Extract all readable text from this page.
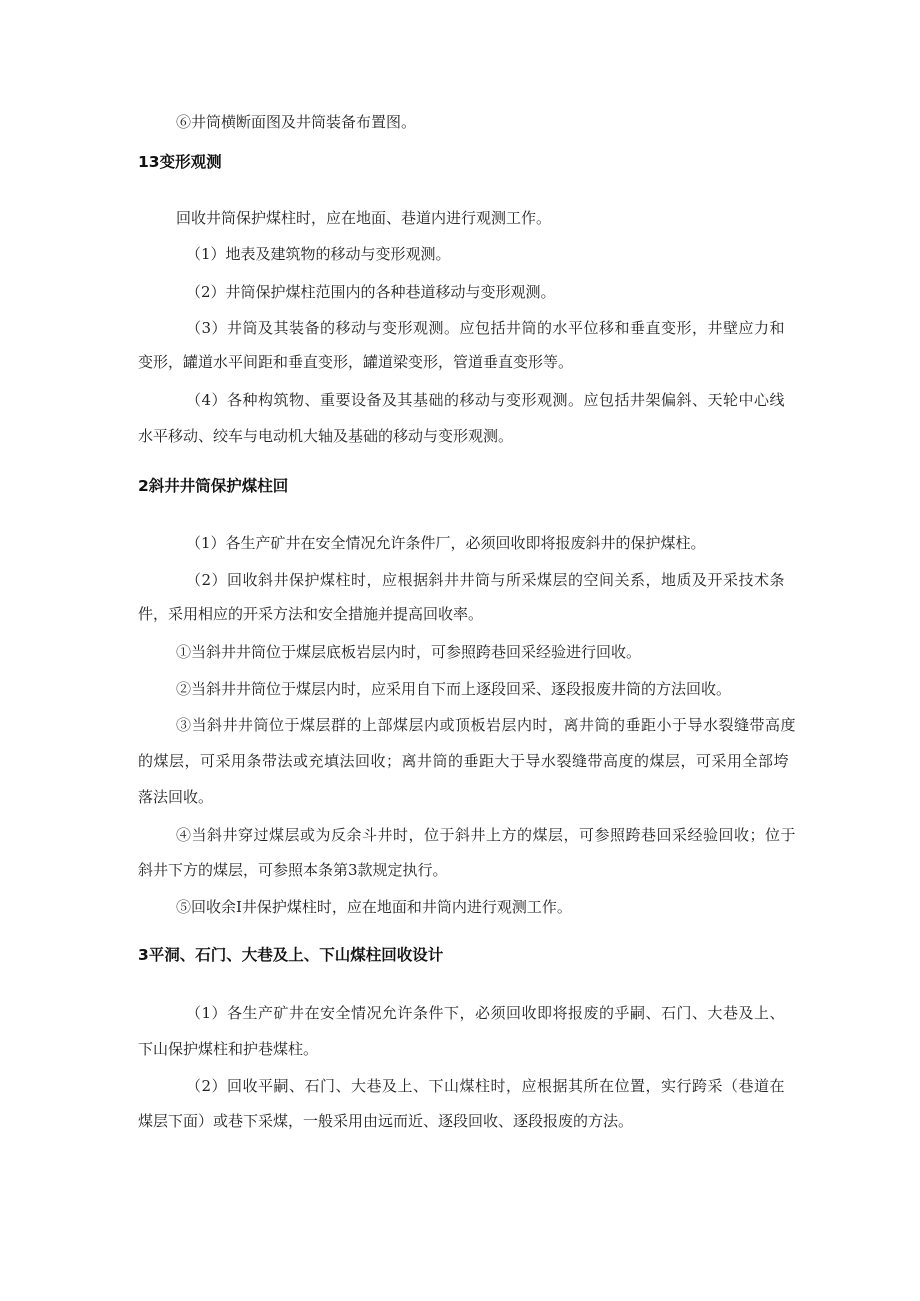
⑥井筒横断面图及井筒装备布置图。
13变形观测
回收井筒保护煤柱时，应在地面、巷道内进行观测工作。
（1）地表及建筑物的移动与变形观测。
（2）井筒保护煤柱范围内的各种巷道移动与变形观测。
（3）井筒及其装备的移动与变形观测。应包括井筒的水平位移和垂直变形，井壁应力和
变形，罐道水平间距和垂直变形，罐道梁变形，管道垂直变形等。
（4）各种构筑物、重要设备及其基础的移动与变形观测。应包括井架偏斜、天轮中心线
水平移动、绞车与电动机大轴及基础的移动与变形观测。
2斜井井筒保护煤柱回
（1）各生产矿井在安全情况允许条件厂，必须回收即将报废斜井的保护煤柱。
（2）回收斜井保护煤柱时，应根据斜井井筒与所采煤层的空间关系，地质及开采技术条
件，采用相应的开采方法和安全措施并提高回收率。
①当斜井井筒位于煤层底板岩层内时，可参照跨巷回采经验进行回收。
②当斜井井筒位于煤层内时，应采用自下而上逐段回采、逐段报废井筒的方法回收。
③当斜井井筒位于煤层群的上部煤层内或顶板岩层内时，离井筒的垂距小于导水裂缝带高度
的煤层，可采用条带法或充填法回收；离井筒的垂距大于导水裂缝带高度的煤层，可采用全部垮
落法回收。
④当斜井穿过煤层或为反余斗井时，位于斜井上方的煤层，可参照跨巷回采经验回收；位于
斜井下方的煤层，可参照本条第3款规定执行。
⑤回收余Ⅰ井保护煤柱时，应在地面和井筒内进行观测工作。
3平洞、石门、大巷及上、下山煤柱回收设计
（1）各生产矿井在安全情况允许条件下，必须回收即将报废的乎嗣、石门、大巷及上、
下山保护煤柱和护巷煤柱。
（2）回收平嗣、石门、大巷及上、下山煤柱时，应根据其所在位置，实行跨采（巷道在
煤层下面）或巷下采煤，一般采用由远而近、逐段回收、逐段报废的方法。
